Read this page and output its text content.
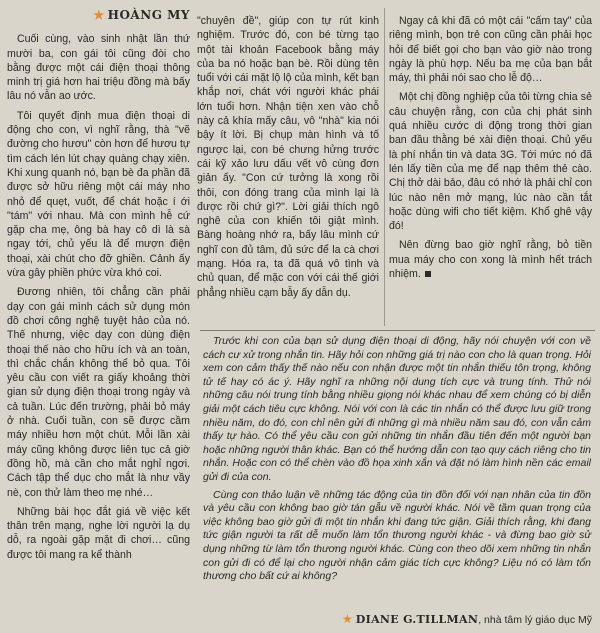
★ HOÀNG MY

Cuối cùng, vào sinh nhật lần thứ mười ba, con gái tôi cũng đòi cho bằng được một cái điện thoại thông minh trị giá hơn hai triệu đồng mà bấy lâu nó vẫn ao ước.

Tôi quyết định mua điện thoại di động cho con, vì nghĩ rằng, thà "vẽ đường cho hươu" còn hơn để hươu tự tìm cách lén lút chạy quàng chạy xiên. Khi xung quanh nó, bạn bè đa phần đã được sở hữu riêng một cái máy nho nhỏ để quẹt, vuốt, để chát hoặc í ới "tám" với nhau. Mà con mình hễ cứ gặp cha mẹ, ông bà hay cô dì là sà ngay tới, chủ yếu là để mượn điện thoại, xài chút cho đỡ ghiền. Cảnh ấy vừa gây phiền phức vừa khó coi.

Đương nhiên, tôi chẳng cần phải dạy con gái mình cách sử dụng món đồ chơi công nghệ tuyệt hảo của nó. Thế nhưng, việc dạy con dùng điện thoại thế nào cho hữu ích và an toàn, thì chắc chắn không thể bỏ qua. Tôi yêu cầu con viết ra giấy khoảng thời gian sử dụng điện thoại trong ngày và cả tuần. Lúc đến trường, phải bỏ máy ở nhà. Cuối tuần, con sẽ được cầm máy nhiều hơn một chút. Mỗi lần xài máy cũng không được liên tục cả giờ đồng hồ, mà cần cho mắt nghỉ ngơi. Cách tập thể dục cho mắt là như vầy nè, con thử làm theo mẹ nhé…

Những bài học đắt giá về việc kết thân trên mạng, nghe lời người lạ dụ dỗ, ra ngoài gặp mặt đi chơi… cũng được tôi mang ra kể thành

"chuyên đề", giúp con tự rút kinh nghiệm. Trước đó, con bé từng tạo một tài khoản Facebook bằng máy của ba nó hoặc bạn bè. Rồi dùng tên tuổi với cái mặt lộ lộ của mình, kết bạn khắp nơi, chát với người khác phái lớn tuổi hơn. Nhận tiện xen vào chỗ này cả khía mấy câu, vô "nhà" kia nói bậy ít lời. Bị chụp màn hình và tố ngược lại, con bé chưng hửng trước cái kỹ xảo lưu dấu vết vô cùng đơn giản ấy. "Con cứ tưởng là xong rồi thôi, con đóng trang của mình lại là được rồi chứ gì?". Lời giải thích ngô nghê của con khiến tôi giật mình. Bàng hoàng nhớ ra, bấy lâu mình cứ nghĩ con đủ tâm, đủ sức để la cà chơi mạng. Hóa ra, ta đã quá vô tình và chủ quan, để mặc con với cái thế giới phẳng nhiều cạm bẫy ấy dẫn dụ.

Ngay cả khi đã có một cái "cấm tay" của riêng mình, bọn trẻ con cũng cần phải học hỏi để biết gọi cho bạn vào giờ nào trong ngày là phù hợp. Nếu ba mẹ của bạn bắt máy, thì phải nói sao cho lễ độ…

Một chị đồng nghiệp của tôi từng chia sẻ câu chuyện rằng, con của chị phát sinh quá nhiều cước di động trong thời gian ban đầu thằng bé xài điện thoại. Chủ yếu là phí nhắn tin và data 3G. Tới mức nó đã lén lấy tiền của mẹ để nạp thêm thẻ cào. Chị thở dài bảo, đâu có nhớ là phải chỉ con lúc nào nên mở mạng, lúc nào cần tắt hoặc dùng wifi cho tiết kiệm. Khổ ghê vậy đó!

Nên đừng bao giờ nghĩ rằng, bỏ tiền mua máy cho con xong là mình hết trách nhiệm.

Trước khi con của bạn sử dụng điện thoại di động, hãy nói chuyện với con về cách cư xử trong nhắn tin. Hãy hỏi con những giá trị nào con cho là quan trọng. Hỏi xem con cảm thấy thế nào nếu con nhận được một tin nhắn thiếu tôn trọng, không tử tế hay có ác ý. Hãy nghĩ ra những nội dung tích cực và trung tính. Thử nói những câu nói trung tính bằng nhiều giọng nói khác nhau để xem chúng có bị diễn giải một cách tiêu cực không. Nói với con là các tin nhắn có thể được lưu giữ trong nhiều năm, do đó, con chỉ nên gửi đi những gì mà nhiều năm sau đó, con vẫn cảm thấy tự hào. Có thể yêu cầu con gửi những tin nhắn đầu tiên đến một người bạn hoặc những người thân khác. Bạn có thể hướng dẫn con tạo quy cách riêng cho tin nhắn. Hoặc con có thể chèn vào đồ họa xinh xắn và đặt nó làm hình nền các email gửi đi của con.

Cùng con thảo luận về những tác động của tin đồn đối với nạn nhân của tin đồn và yêu cầu con không bao giờ tán gẫu về người khác. Nói về tầm quan trọng của việc không bao giờ gửi đi một tin nhắn khi đang tức giận. Giải thích rằng, khi đang tức giận người ta rất dễ muốn làm tổn thương người khác - và đừng bao giờ sử dụng những từ làm tổn thương người khác. Cùng con theo dõi xem những tin nhắn con gửi đi có để lại cho người nhận cảm giác tích cực không? Liệu nó có làm tổn thương cho bất cứ ai không?

★ DIANE G.TILLMAN, nhà tâm lý giáo dục Mỹ
